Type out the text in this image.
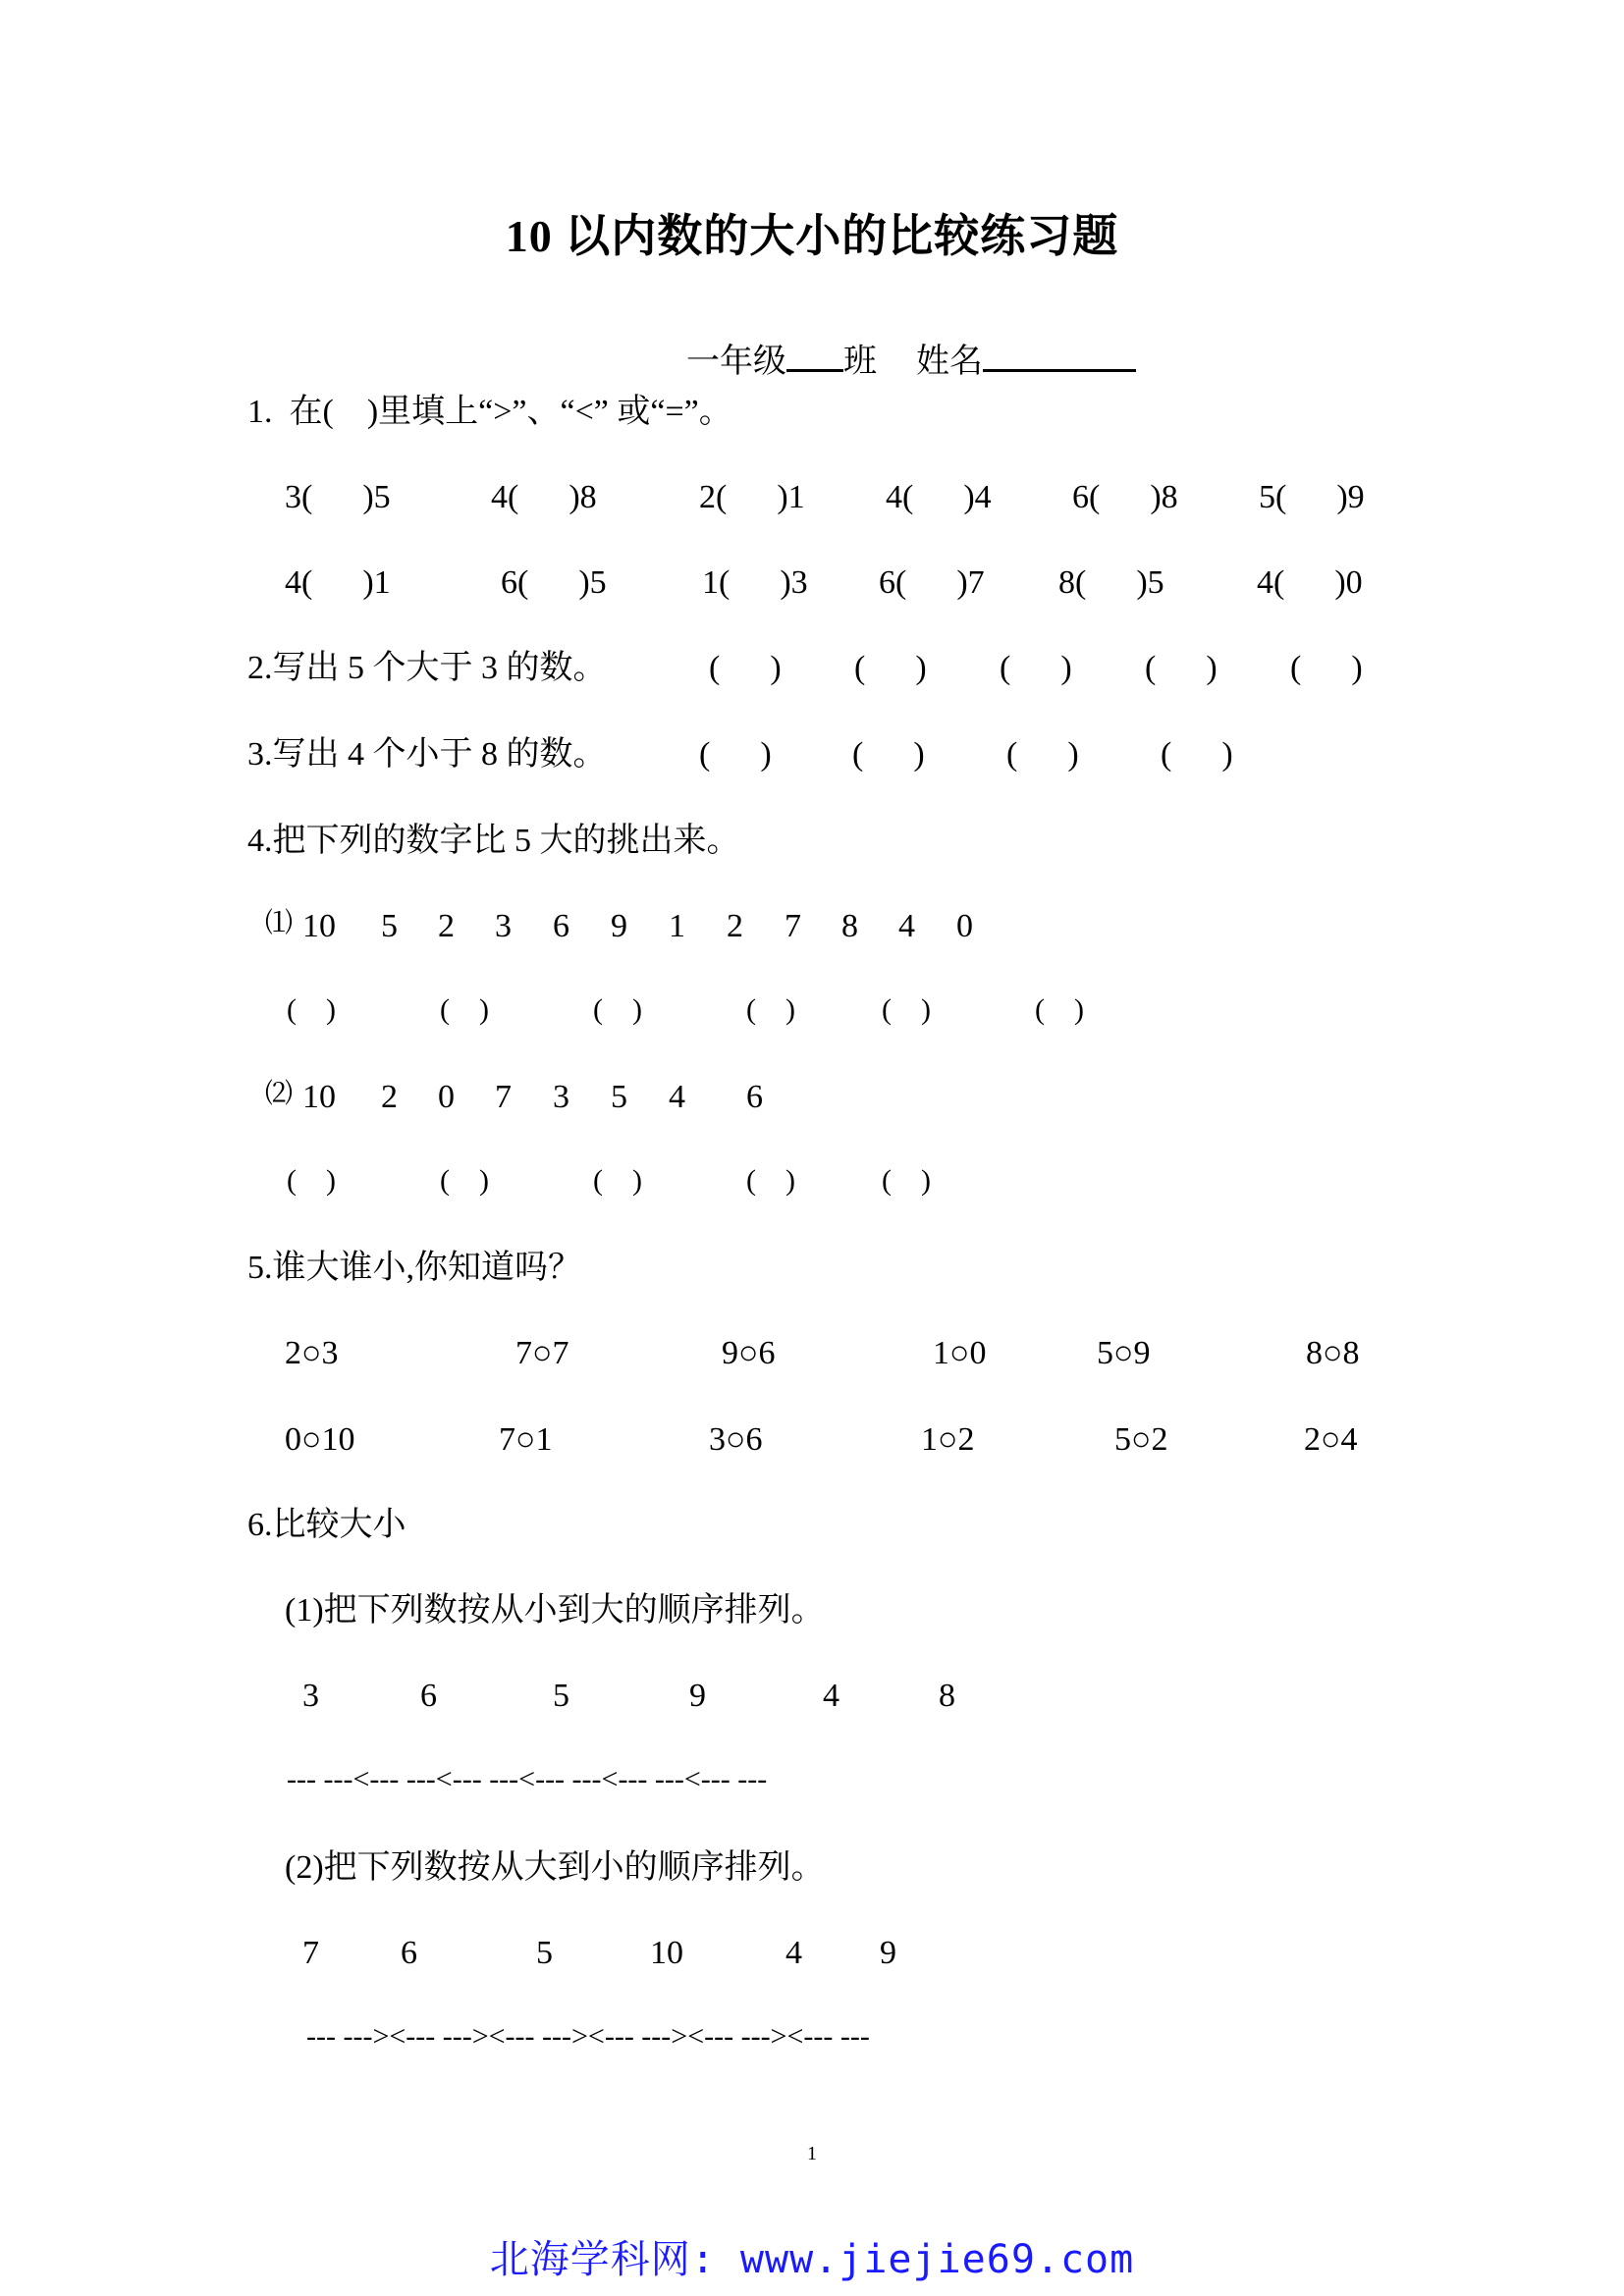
10 以内数的大小的比较练习题

一年级 班 姓名

1.  在(    )里填上“>”、“<” 或“=”。
3(      )5	4(      )8	2(      )1 4(      )4 6(      )8 5(      )9
4(      )1	6(      )5	1(      )3 6(      )7 8(      )5	4(      )0
2.写出 5 个大于 3 的数。	(      ) (      ) (      ) (      ) (      )
3.写出 4 个小于 8 的数。	(      ) (      ) (      ) (      )
4.把下列的数字比 5 大的挑出来。
⑴ 10 5 2 3 6 9 1 2 7 8 4 0
(    )	(    )	(    )	(    )	(    )	(    )
⑵ 10 2 0 7 3 5 4 6
(    )	(    )	(    )	(    )	(    )
5.谁大谁小,你知道吗？
2○3	7○7	9○6	1○0	5○9	8○8
0○10	7○1	3○6	1○2	5○2	2○4
6.比较大小
(1)把下列数按从小到大的顺序排列。
3	6	5	9	4	8
--- ---<--- ---<--- ---<--- ---<--- ---<--- ---
(2)把下列数按从大到小的顺序排列。
7 6	5	10	4 9
--- ---><--- ---><--- ---><--- ---><--- ---><--- ---
1
北海学科网: www.jiejie69.com
